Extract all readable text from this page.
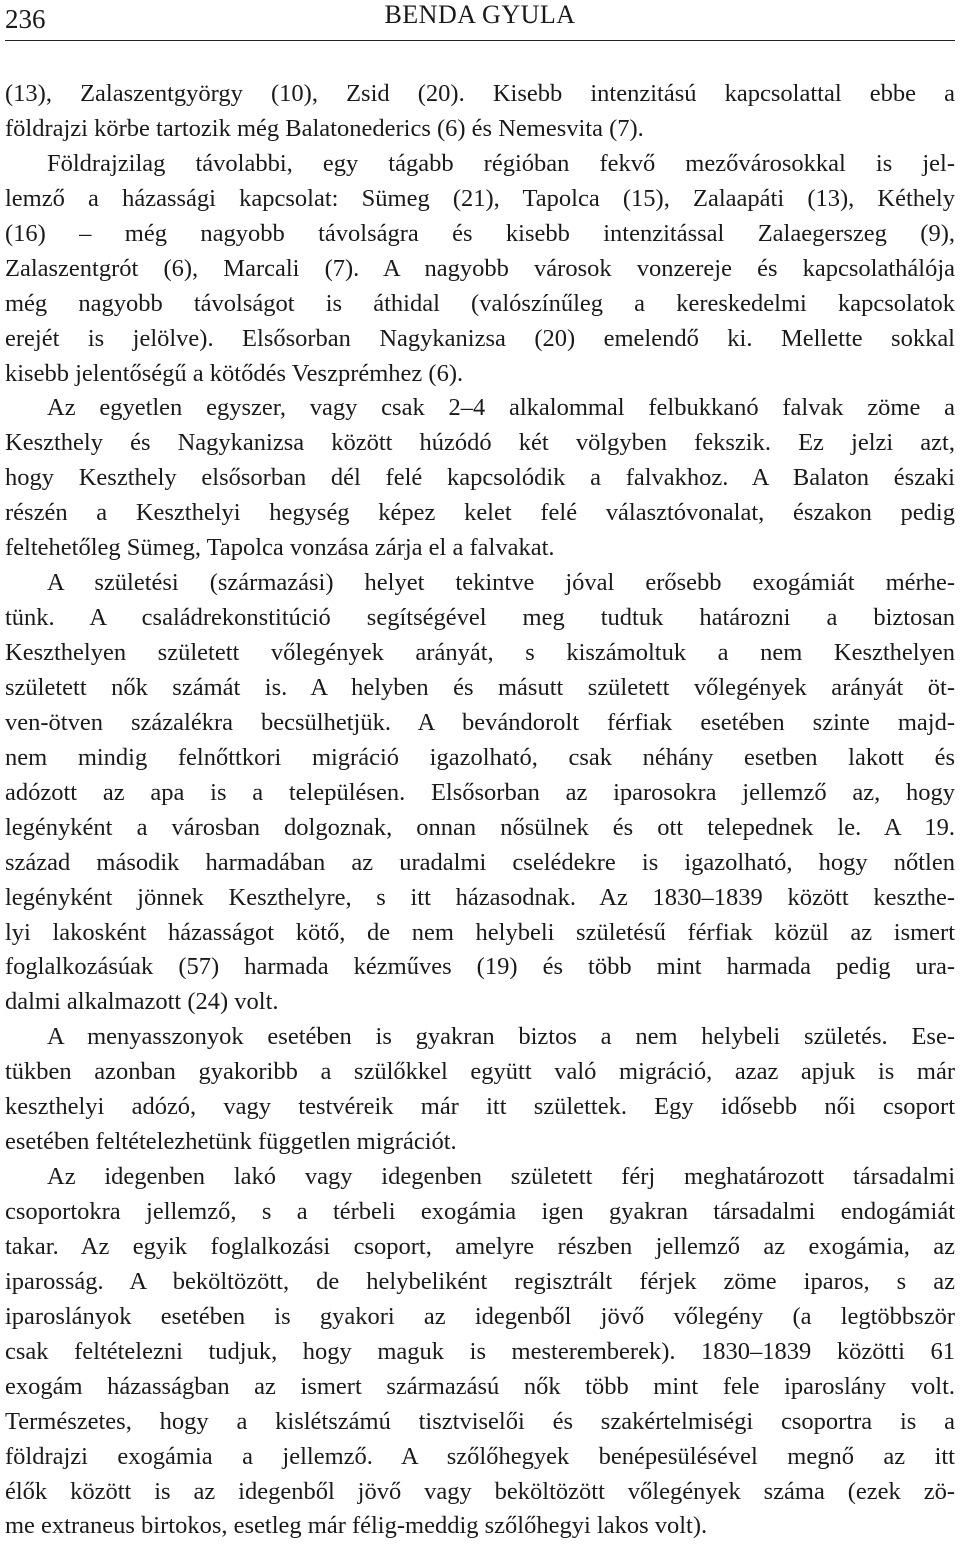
236	BENDA GYULA
(13), Zalaszentgyörgy (10), Zsid (20). Kisebb intenzitású kapcsolattal ebbe a
földrajzi körbe tartozik még Balatonederics (6) és Nemesvita (7).
Földrajzilag távolabbi, egy tágabb régióban fekvő mezővárosokkal is jel-
lemző a házassági kapcsolat: Sümeg (21), Tapolca (15), Zalaapáti (13), Kéthely
(16) – még nagyobb távolságra és kisebb intenzitással Zalaegerszeg (9),
Zalaszentgrót (6), Marcali (7). A nagyobb városok vonzereje és kapcsolathálója
még nagyobb távolságot is áthidal (valószínűleg a kereskedelmi kapcsolatok
erejét is jelölve). Elsősorban Nagykanizsa (20) emelendő ki. Mellette sokkal
kisebb jelentőségű a kötődés Veszprémhez (6).
Az egyetlen egyszer, vagy csak 2–4 alkalommal felbukkanó falvak zöme a
Keszthely és Nagykanizsa között húzódó két völgyben fekszik. Ez jelzi azt,
hogy Keszthely elsősorban dél felé kapcsolódik a falvakhoz. A Balaton északi
részén a Keszthelyi hegység képez kelet felé választóvonalat, északon pedig
feltehetőleg Sümeg, Tapolca vonzása zárja el a falvakat.
A születési (származási) helyet tekintve jóval erősebb exogámiát mérhe-
tünk. A családrekonstitúció segítségével meg tudtuk határozni a biztosan
Keszthelyen született vőlegények arányát, s kiszámoltuk a nem Keszthelyen
született nők számát is. A helyben és másutt született vőlegények arányát öt-
ven-ötven százalékra becsülhetjük. A bevándorolt férfiak esetében szinte majd-
nem mindig felnőttkori migráció igazolható, csak néhány esetben lakott és
adózott az apa is a településen. Elsősorban az iparosokra jellemző az, hogy
legényként a városban dolgoznak, onnan nősülnek és ott telepednek le. A 19.
század második harmadában az uradalmi cselédekre is igazolható, hogy nőtlen
legényként jönnek Keszthelyre, s itt házasodnak. Az 1830–1839 között keszthe-
lyi lakosként házasságot kötő, de nem helybeli születésű férfiak közül az ismert
foglalkozásúak (57) harmada kézműves (19) és több mint harmada pedig ura-
dalmi alkalmazott (24) volt.
A menyasszonyok esetében is gyakran biztos a nem helybeli születés. Ese-
tükben azonban gyakoribb a szülőkkel együtt való migráció, azaz apjuk is már
keszthelyi adózó, vagy testvéreik már itt születtek. Egy idősebb női csoport
esetében feltételezhetünk független migrációt.
Az idegenben lakó vagy idegenben született férj meghatározott társadalmi
csoportokra jellemző, s a térbeli exogámia igen gyakran társadalmi endogámiát
takar. Az egyik foglalkozási csoport, amelyre részben jellemző az exogámia, az
iparosság. A beköltözött, de helybeliként regisztrált férjek zöme iparos, s az
iparoslányok esetében is gyakori az idegenből jövő vőlegény (a legtöbbször
csak feltételezni tudjuk, hogy maguk is mesteremberek). 1830–1839 közötti 61
exogám házasságban az ismert származású nők több mint fele iparoslány volt.
Természetes, hogy a kislétszámú tisztviselői és szakértelmiségi csoportra is a
földrajzi exogámia a jellemző. A szőlőhegyek benépesülésével megnő az itt
élők között is az idegenből jövő vagy beköltözött vőlegények száma (ezek zö-
me extraneus birtokos, esetleg már félig-meddig szőlőhegyi lakos volt).
